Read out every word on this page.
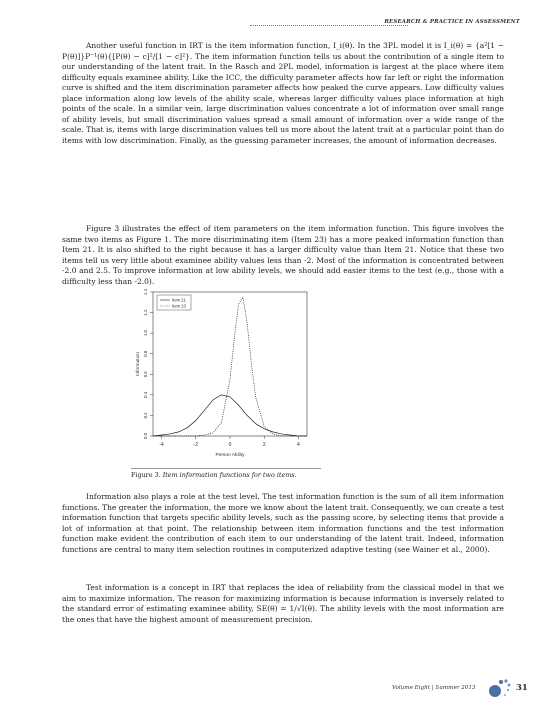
RESEARCH & PRACTICE IN ASSESSMENT
Another useful function in IRT is the item information function, I_i(θ). In the 3PL model it is I_i(θ) = {a²[1 − P(θ)]}P⁻¹(θ){[P(θ) − c]²/[1 − c]²}. The item information function tells us about the contribution of a single item to our understanding of the latent trait. In the Rasch and 2PL model, information is largest at the place where item difficulty equals examinee ability. Like the ICC, the difficulty parameter affects how far left or right the information curve is shifted and the item discrimination parameter affects how peaked the curve appears. Low difficulty values place information along low levels of the ability scale, whereas larger difficulty values place information at high points of the scale. In a similar vein, large discrimination values concentrate a lot of information over small range of ability levels, but small discrimination values spread a small amount of information over a wide range of the scale. That is, items with large discrimination values tell us more about the latent trait at a particular point than do items with low discrimination. Finally, as the guessing parameter increases, the amount of information decreases.
Figure 3 illustrates the effect of item parameters on the item information function. This figure involves the same two items as Figure 1. The more discriminating item (Item 23) has a more peaked information function than Item 21. It is also shifted to the right because it has a larger difficulty value than Item 21. Notice that these two items tell us very little about examinee ability values less than -2. Most of the information is concentrated between -2.0 and 2.5. To improve information at low ability levels, we should add easier items to the test (e.g., those with a difficulty less than -2.0).
-4	-2	0	2	4
0.0
0.2
0.4
0.6
0.8
1.0
1.2
1.4
Person Ability
Information
Item 21
Item 23
Figure 3. Item information functions for two items.
Information also plays a role at the test level. The test information function is the sum of all item information functions. The greater the information, the more we know about the latent trait. Consequently, we can create a test information function that targets specific ability levels, such as the passing score, by selecting items that provide a lot of information at that point. The relationship between item information functions and the test information function make evident the contribution of each item to our understanding of the latent trait. Indeed, information functions are central to many item selection routines in computerized adaptive testing (see Wainer et al., 2000).
Test information is a concept in IRT that replaces the idea of reliability from the classical model in that we aim to maximize information. The reason for maximizing information is because information is inversely related to the standard error of estimating examinee ability, SE(θ) = 1/√I(θ). The ability levels with the most information are the ones that have the highest amount of measurement precision.
Volume Eight | Summer 2013	31
